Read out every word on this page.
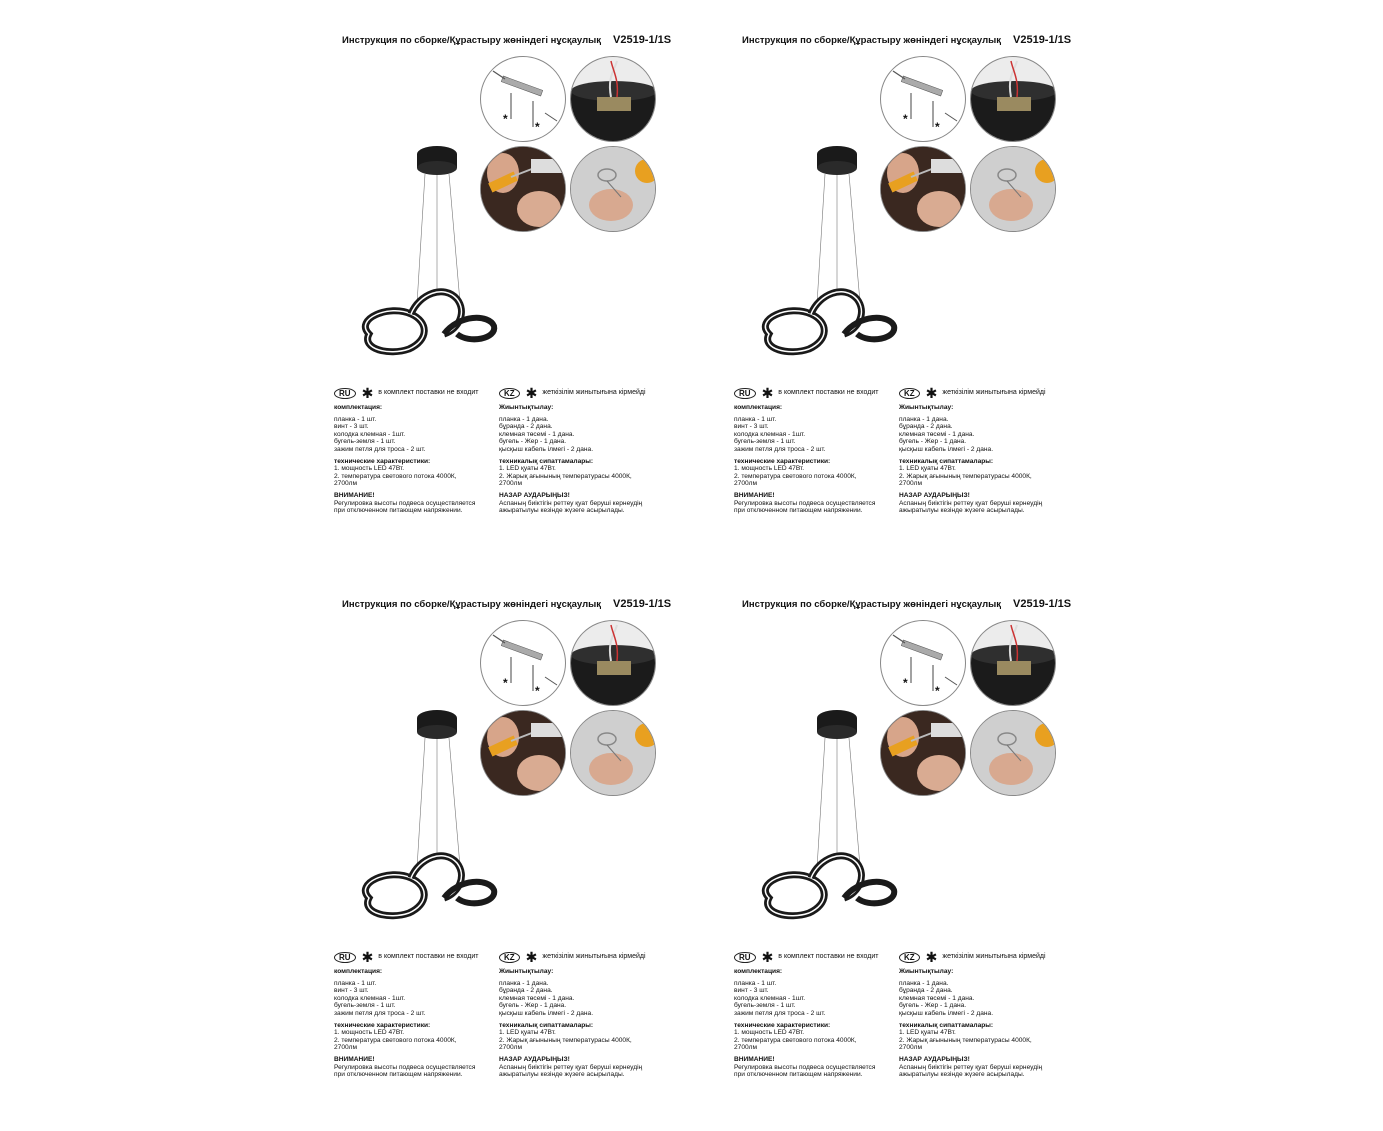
Инструкция по сборке/Құрастыру жөніндегі нұсқаулық V2519-1/1S
*
*
RU ✱ в комплект поставки не входит
комплектация:
планка - 1 шт.
винт - 3 шт.
колодка клемная - 1шт.
бугель-земля - 1 шт.
зажим петля для троса - 2 шт.
технические характеристики:
1. мощность LED 47Вт.
2. температура светового потока 4000К,
2700лм
ВНИМАНИЕ!
Регулировка высоты подвеса осуществляется
при отключенном питающем напряжении.
KZ ✱ жеткізілім жинытығына кірмейді
Жиынтықтылау:
планка - 1 дана.
бұранда - 2 дана.
клемная төсемі - 1 дана.
бугель - Жер - 1 дана.
қысқыш кабель ілмегі - 2 дана.
техникалық сипаттамалары:
1. LED қуаты 47Вт.
2. Жарық ағынының температурасы 4000К,
2700лм
НАЗАР АУДАРЫҢЫЗ!
Аспаның биіктігін реттеу қуат беруші кернеудің
ажыратылуы кезінде жүзеге асырылады.
Инструкция по сборке/Құрастыру жөніндегі нұсқаулық V2519-1/1S
*
*
RU ✱ в комплект поставки не входит
комплектация:
планка - 1 шт.
винт - 3 шт.
колодка клемная - 1шт.
бугель-земля - 1 шт.
зажим петля для троса - 2 шт.
технические характеристики:
1. мощность LED 47Вт.
2. температура светового потока 4000К,
2700лм
ВНИМАНИЕ!
Регулировка высоты подвеса осуществляется
при отключенном питающем напряжении.
KZ ✱ жеткізілім жинытығына кірмейді
Жиынтықтылау:
планка - 1 дана.
бұранда - 2 дана.
клемная төсемі - 1 дана.
бугель - Жер - 1 дана.
қысқыш кабель ілмегі - 2 дана.
техникалық сипаттамалары:
1. LED қуаты 47Вт.
2. Жарық ағынының температурасы 4000К,
2700лм
НАЗАР АУДАРЫҢЫЗ!
Аспаның биіктігін реттеу қуат беруші кернеудің
ажыратылуы кезінде жүзеге асырылады.
Инструкция по сборке/Құрастыру жөніндегі нұсқаулық V2519-1/1S
*
*
RU ✱ в комплект поставки не входит
комплектация:
планка - 1 шт.
винт - 3 шт.
колодка клемная - 1шт.
бугель-земля - 1 шт.
зажим петля для троса - 2 шт.
технические характеристики:
1. мощность LED 47Вт.
2. температура светового потока 4000К,
2700лм
ВНИМАНИЕ!
Регулировка высоты подвеса осуществляется
при отключенном питающем напряжении.
KZ ✱ жеткізілім жинытығына кірмейді
Жиынтықтылау:
планка - 1 дана.
бұранда - 2 дана.
клемная төсемі - 1 дана.
бугель - Жер - 1 дана.
қысқыш кабель ілмегі - 2 дана.
техникалық сипаттамалары:
1. LED қуаты 47Вт.
2. Жарық ағынының температурасы 4000К,
2700лм
НАЗАР АУДАРЫҢЫЗ!
Аспаның биіктігін реттеу қуат беруші кернеудің
ажыратылуы кезінде жүзеге асырылады.
Инструкция по сборке/Құрастыру жөніндегі нұсқаулық V2519-1/1S
*
*
RU ✱ в комплект поставки не входит
комплектация:
планка - 1 шт.
винт - 3 шт.
колодка клемная - 1шт.
бугель-земля - 1 шт.
зажим петля для троса - 2 шт.
технические характеристики:
1. мощность LED 47Вт.
2. температура светового потока 4000К,
2700лм
ВНИМАНИЕ!
Регулировка высоты подвеса осуществляется
при отключенном питающем напряжении.
KZ ✱ жеткізілім жинытығына кірмейді
Жиынтықтылау:
планка - 1 дана.
бұранда - 2 дана.
клемная төсемі - 1 дана.
бугель - Жер - 1 дана.
қысқыш кабель ілмегі - 2 дана.
техникалық сипаттамалары:
1. LED қуаты 47Вт.
2. Жарық ағынының температурасы 4000К,
2700лм
НАЗАР АУДАРЫҢЫЗ!
Аспаның биіктігін реттеу қуат беруші кернеудің
ажыратылуы кезінде жүзеге асырылады.
